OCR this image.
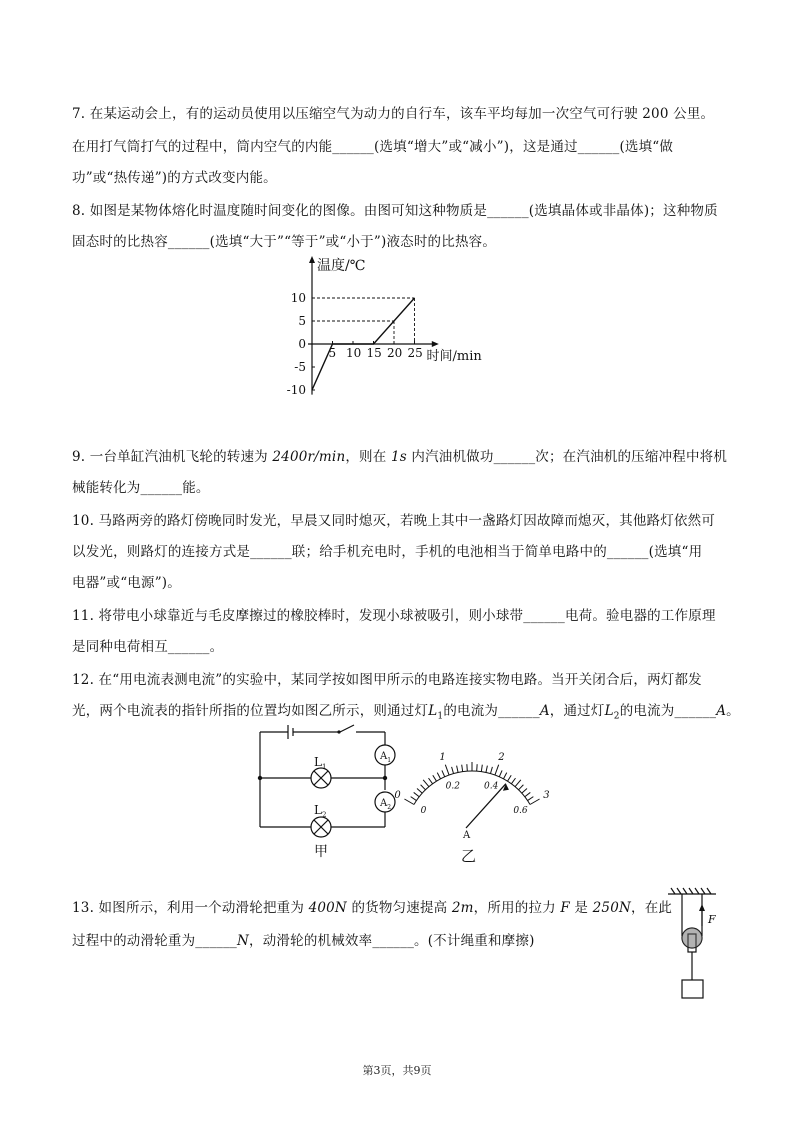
7. 在某运动会上，有的运动员使用以压缩空气为动力的自行车，该车平均每加一次空气可行驶 200 公里。
在用打气筒打气的过程中，筒内空气的内能______(选填“增大”或“减小”)，这是通过______(选填“做
功”或“热传递”)的方式改变内能。
8. 如图是某物体熔化时温度随时间变化的图像。由图可知这种物质是______(选填晶体或非晶体)；这种物质
固态时的比热容______(选填“大于”“等于”或“小于”)液态时的比热容。
温度/℃
时间/min
5 10 15 20 25
10
5
0
-5
-10
9. 一台单缸汽油机飞轮的转速为 2400r/min，则在 1s 内汽油机做功______次；在汽油机的压缩冲程中将机
械能转化为______能。
10. 马路两旁的路灯傍晚同时发光，早晨又同时熄灭，若晚上其中一盏路灯因故障而熄灭，其他路灯依然可
以发光，则路灯的连接方式是______联；给手机充电时，手机的电池相当于简单电路中的______(选填“用
电器”或“电源”)。
11. 将带电小球靠近与毛皮摩擦过的橡胶棒时，发现小球被吸引，则小球带______电荷。验电器的工作原理
是同种电荷相互______。
12. 在“用电流表测电流”的实验中，某同学按如图甲所示的电路连接实物电路。当开关闭合后，两灯都发
光，两个电流表的指针所指的位置均如图乙所示，则通过灯$L_1$的电流为______A，通过灯$L_2$的电流为______A。
$L_1$
$L_2$
$A_1$
$A_2$
甲	乙
0
1	2
3
0
0.2	0.4
0.6
A
13. 如图所示，利用一个动滑轮把重为 400N 的货物匀速提高 2m，所用的拉力 F 是 250N，在此
过程中的动滑轮重为______N，动滑轮的机械效率______。(不计绳重和摩擦)
F
第3页，共9页
